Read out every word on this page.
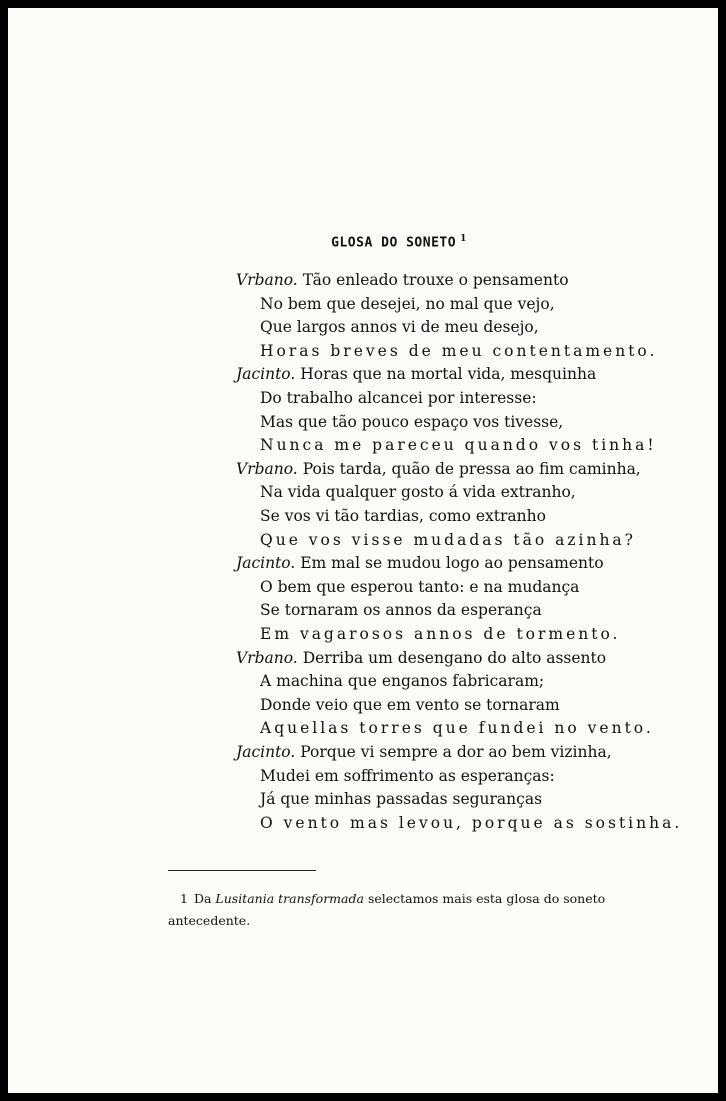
GLOSA DO SONETO $^1$
Vrbano. Tão enleado trouxe o pensamento
No bem que desejei, no mal que vejo,
Que largos annos vi de meu desejo,
Horas breves de meu contentamento.
Jacinto. Horas que na mortal vida, mesquinha
Do trabalho alcancei por interesse:
Mas que tão pouco espaço vos tivesse,
Nunca me pareceu quando vos tinha!
Vrbano. Pois tarda, quão de pressa ao fim caminha,
Na vida qualquer gosto á vida extranho,
Se vos vi tão tardias, como extranho
Que vos visse mudadas tão azinha?
Jacinto. Em mal se mudou logo ao pensamento
O bem que esperou tanto: e na mudança
Se tornaram os annos da esperança
Em vagarosos annos de tormento.
Vrbano. Derriba um desengano do alto assento
A machina que enganos fabricaram;
Donde veio que em vento se tornaram
Aquellas torres que fundei no vento.
Jacinto. Porque vi sempre a dor ao bem vizinha,
Mudei em soffrimento as esperanças:
Já que minhas passadas seguranças
O vento mas levou, porque as sostinha.
1 Da Lusitania transformada selectamos mais esta glosa do soneto antecedente.
